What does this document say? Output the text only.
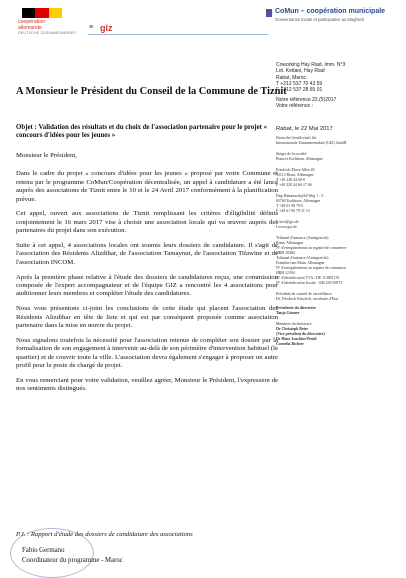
coopération
allemande
DEUTSCHE ZUSAMMENARBEIT
≡ giz
CoMun – coopération municipale
Gouvernance locale et participative au Maghreb
A Monsieur le Président du Conseil de la Commune de Tiznit
Coworking Hay Riad, Imm. N°3
Lot. Kettani, Hay Riad
Rabat, Maroc
T +212 537 70 43 59
F +212 537 28 65 01
Notre référence 22.(5)2017
Votre référence :
Rabat, le 22 Mai 2017
Objet : Validation des résultats et du choix de l'association partenaire pour le projet « concours d'idées pour les jeunes »

Monsieur le Président,

Dans le cadre du projet « concours d'idées pour les jeunes » proposé par votre Commune et retenu par le programme CoMun/Coopération décentralisée, un appel à candidature a été lancé auprès des associations de Tiznit entre le 10 et le 24 Avril 2017 conformément à la planification prévue.

Cet appel, ouvert aux associations de Tiznit remplissant les critères d'éligibilité définis conjointement le 16 mars 2017 vise à choisir une association locale qui va œuvrer auprès des partenaires du projet dans son exécution.

Suite à cet appel, 4 associations locales ont soumis leurs dossiers de candidature. Il s'agit de l'association des Résidents Alizdihar, de l'association Tamaynut, de l'association Tifawine et de l'association INCOM.

Après la première phase relative à l'étude des dossiers de candidatures reçus, une commission composée de l'expert accompagnateur et de l'équipe GIZ a rencontré les 4 associations pour auditionner leurs membres et compléter l'étude des candidatures.

Nous vous présentons ci-joint les conclusions de cette étude qui placent l'association des Résidents Alizdihar en tête de liste et qui est par conséquent proposée comme association partenaire dans la mise en œuvre du projet.

Nous signalons toutefois la nécessité pour l'association retenue de compléter son dossier par la formalisation de son engagement à intervenir au-delà de son périmètre d'intervention habituel (le quartier) et de couvrir toute la ville. L'association devra également s'engager à proposer un autre profil pour le poste de chargé de projet.

En vous remerciant pour votre validation, veuillez agréer, Monsieur le Président, l'expression de nos sentiments distingués.

P.J. : Rapport d'étude des dossiers de candidature des associations
Fabio Germano
Coordinateur du programme - Maroc
Deutsche Gesellschaft für
Internationale Zusammenarbeit (GIZ) GmbH
Sièges de la société
Bonn et Eschborn, Allemagne
Friedrich-Ebert-Allee 40
53113 Bonn, Allemagne
T +49 228 44 60-0
F +49 228 44 60-17 66
Dag-Hammarskjöld-Weg 1 - 5
65760 Eschborn, Allemagne
T +49 61 96 79-0
F +49 61 96 79-11 15
E info@giz.de
I www.giz.de
Tribunal d'instance (Amtsgericht)
Bonn, Allemagne
N° d'enregistrement au registre de commerce
HRB 18384
Tribunal d'instance (Amtsgericht)
Frankfurt am Main, Allemagne
N° d'enregistrement au registre de commerce
HRB 12394
N° d'identification TVA : DE 113891176
N° d'identification fiscale : 040 250 56973
Président du conseil de surveillance
Dr. Friedrich Kitschelt, secrétaire d'Etat
Présidente du directoire
Tanja Gönner
Membres du directoire
Dr Christoph Beier
(Vice président du directoire)
Dr Hans-Joachim Preuß
Cornelia Richter
